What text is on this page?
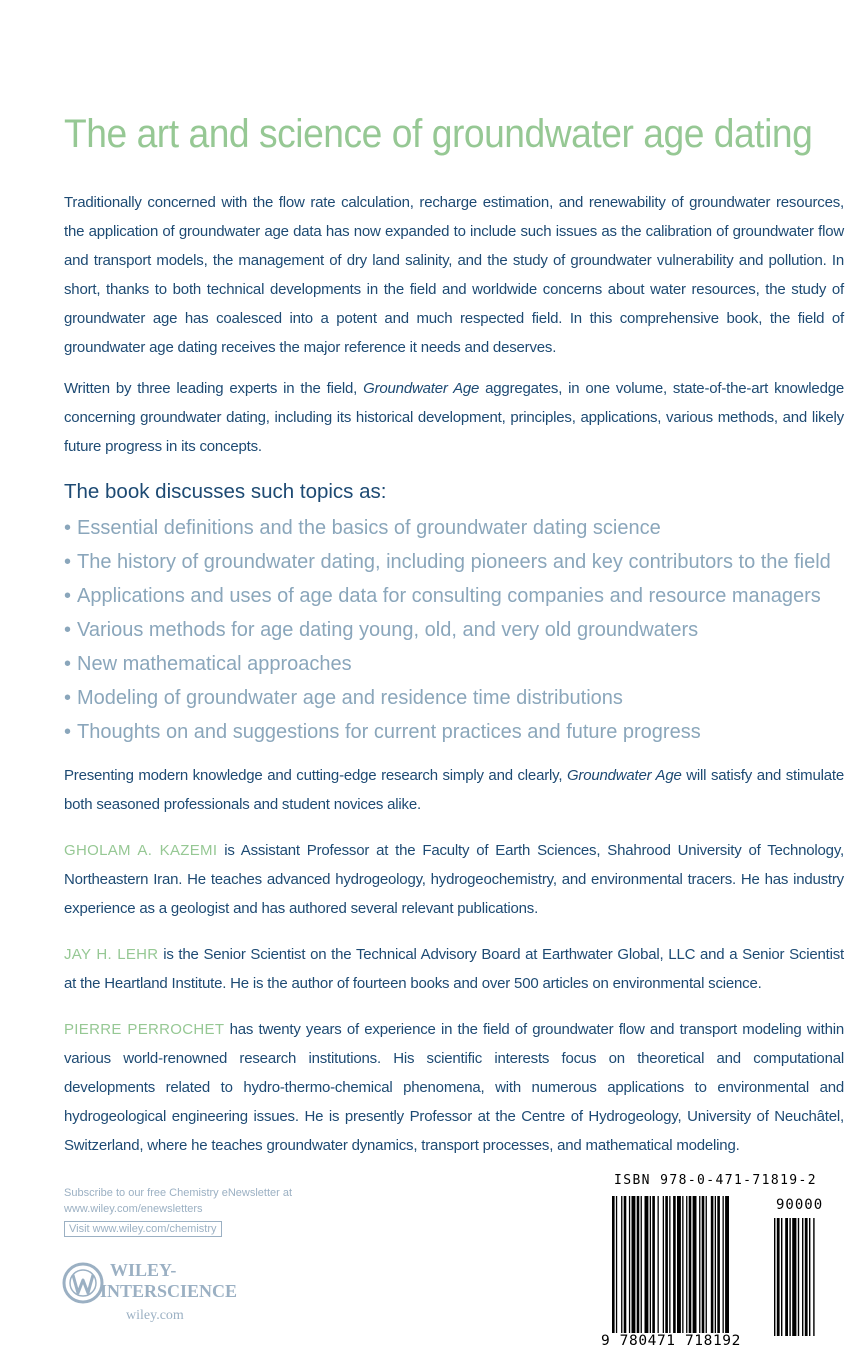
The art and science of groundwater age dating
Traditionally concerned with the flow rate calculation, recharge estimation, and renewability of groundwater resources, the application of groundwater age data has now expanded to include such issues as the calibration of groundwater flow and transport models, the management of dry land salinity, and the study of groundwater vulnerability and pollution. In short, thanks to both technical developments in the field and worldwide concerns about water resources, the study of groundwater age has coalesced into a potent and much respected field. In this comprehensive book, the field of groundwater age dating receives the major reference it needs and deserves.
Written by three leading experts in the field, Groundwater Age aggregates, in one volume, state-of-the-art knowledge concerning groundwater dating, including its historical development, principles, applications, various methods, and likely future progress in its concepts.
The book discusses such topics as:
• Essential definitions and the basics of groundwater dating science
• The history of groundwater dating, including pioneers and key contributors to the field
• Applications and uses of age data for consulting companies and resource managers
• Various methods for age dating young, old, and very old groundwaters
• New mathematical approaches
• Modeling of groundwater age and residence time distributions
• Thoughts on and suggestions for current practices and future progress
Presenting modern knowledge and cutting-edge research simply and clearly, Groundwater Age will satisfy and stimulate both seasoned professionals and student novices alike.
GHOLAM A. KAZEMI is Assistant Professor at the Faculty of Earth Sciences, Shahrood University of Technology, Northeastern Iran. He teaches advanced hydrogeology, hydrogeochemistry, and environmental tracers. He has industry experience as a geologist and has authored several relevant publications.
JAY H. LEHR is the Senior Scientist on the Technical Advisory Board at Earthwater Global, LLC and a Senior Scientist at the Heartland Institute. He is the author of fourteen books and over 500 articles on environmental science.
PIERRE PERROCHET has twenty years of experience in the field of groundwater flow and transport modeling within various world-renowned research institutions. His scientific interests focus on theoretical and computational developments related to hydro-thermo-chemical phenomena, with numerous applications to environmental and hydrogeological engineering issues. He is presently Professor at the Centre of Hydrogeology, University of Neuchâtel, Switzerland, where he teaches groundwater dynamics, transport processes, and mathematical modeling.
Subscribe to our free Chemistry eNewsletter at
www.wiley.com/enewsletters
Visit www.wiley.com/chemistry
WILEY-
INTERSCIENCE
wiley.com
ISBN 978-0-471-71819-2
90000
9 780471 718192
